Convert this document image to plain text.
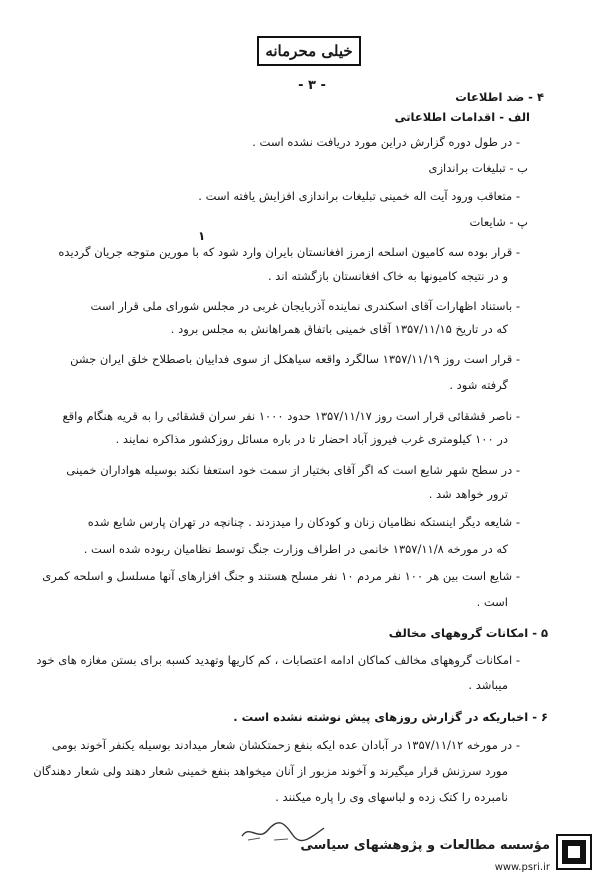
خیلی محرمانه
- ۳ -
۴ - ضد اطلاعات
الف - اقدامات اطلاعاتی
- در طول دوره گزارش دراین مورد دریافت نشده است .
ب - تبلیغات براندازی
- متعاقب ورود آیت اله خمینی تبلیغات براندازی افزایش یافته است .
پ - شایعات
۱
- قرار بوده سه کامیون اسلحه ازمرز افغانستان بایران وارد شود که با مورین متوجه جریان گردیده
و در نتیجه کامیونها به خاک افغانستان بازگشته اند .
- باستناد اظهارات آقای اسکندری نماینده آذربایجان غربی در مجلس شورای ملی قرار است
که در تاریخ ۱۳۵۷/۱۱/۱۵ آقای خمینی باتفاق همراهانش به مجلس برود .
- قرار است روز ۱۳۵۷/۱۱/۱۹ سالگرد واقعه سیاهکل از سوی فداییان باصطلاح خلق ایران جشن
گرفته شود .
- ناصر قشقائی قرار است روز ۱۳۵۷/۱۱/۱۷ حدود ۱۰۰۰ نفر سران قشقائی را به قریه هنگام واقع
در ۱۰۰ کیلومتری غرب فیروز آباد احضار تا در باره مسائل روزکشور مذاکره نمایند .
- در سطح شهر شایع است که اگر آقای بختیار از سمت خود استعفا نکند بوسیله هواداران خمینی
ترور خواهد شد .
- شایعه دیگر اینستکه نظامیان زنان و کودکان را میدزدند . چنانچه در تهران پارس شایع شده
که در مورخه ۱۳۵۷/۱۱/۸ خانمی در اطراف وزارت جنگ توسط نظامیان ربوده شده است .
- شایع است بین هر ۱۰۰ نفر مردم ۱۰ نفر مسلح هستند و جنگ افزارهای آنها مسلسل و اسلحه کمری
است .
۵ - امکانات گروههای مخالف
- امکانات گروههای مخالف کماکان ادامه اعتصابات ، کم کاریها وتهدید کسبه برای بستن مغازه های خود
میباشد .
۶ - اخباریکه در گزارش روزهای پیش نوشته نشده است .
- در مورخه ۱۳۵۷/۱۱/۱۲ در آبادان عده ایکه بنفع زحمتکشان شعار میدادند بوسیله یکنفر آخوند بومی
مورد سرزنش قرار میگیرند و آخوند مزبور از آنان میخواهد بنفع خمینی شعار دهند ولی شعار دهندگان
نامبرده را کتک زده و لباسهای وی را پاره میکنند .
مؤسسه مطالعات و پژوهشهای سیاسی
www.psri.ir
